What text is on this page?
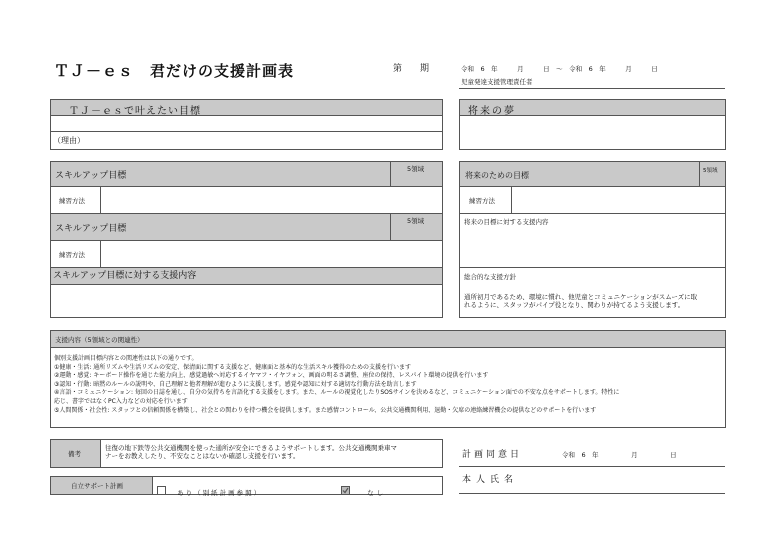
ＴＪ－ｅｓ　君だけの支援計画表	第　　期	令和　6　年　　　月　　　日　～　令和　6　年　　　月　　　日
児童発達支援管理責任者
ＴＪ－ｅｓで叶えたい目標
（理由）
将来の夢
スキルアップ目標
5領域
練習方法
スキルアップ目標
5領域
練習方法
スキルアップ目標に対する支援内容
将来のための目標	5領域
練習方法
将来の目標に対する支援内容
総合的な支援方針
通所初月であるため、環境に慣れ、他児童とコミュニケーションがスムーズに取
れるように、スタッフがパイプ役となり、関わりが持てるよう支援します。
支援内容（5領域との関連性）
個別支援計画目標内容との関連性は以下の通りです。
①健康・生活: 通所リズムや生活リズムの安定、保清面に関する支援など、健康面と基本的な生活スキル獲得のための支援を行います
②運動・感覚: キーボード操作を通じた能力向上、感覚過敏へ対応するイヤマフ・イヤフォン、画面の明るさ調整、座位の保持、レスパイト環境の提供を行います
③認知・行動: 暗黙のルールの説明や、自己理解と他者理解が進むように支援します。感覚や認知に対する適切な行動方法を助言します
④言語・コミュニケーション: 毎回の日誌を通し、自分の気持ちを言語化する支援をします。また、ルールの視覚化したりSOSサインを決めるなど、コミュニケーション面での不安な点をサポートします。特性に
応じ、書字ではなくPC入力などの対応を行います
⑤人間関係・社会性: スタッフとの信頼関係を構築し、社会との関わりを持つ機会を提供します。また感情コントロール、公共交通機関利用、退勤・欠席の連絡練習機会の提供などのサポートを行います
備考
往復の地下鉄等公共交通機関を使った通所が安全にできるようサポートします。公共交通機関乗車マ
ナーをお教えしたり、不安なことはないか確認し支援を行います。
自立サポート計画
あり（別紙計画参照）	なし
計画同意日	令和　6　年　　　　　月　　　　　日
本人氏名
